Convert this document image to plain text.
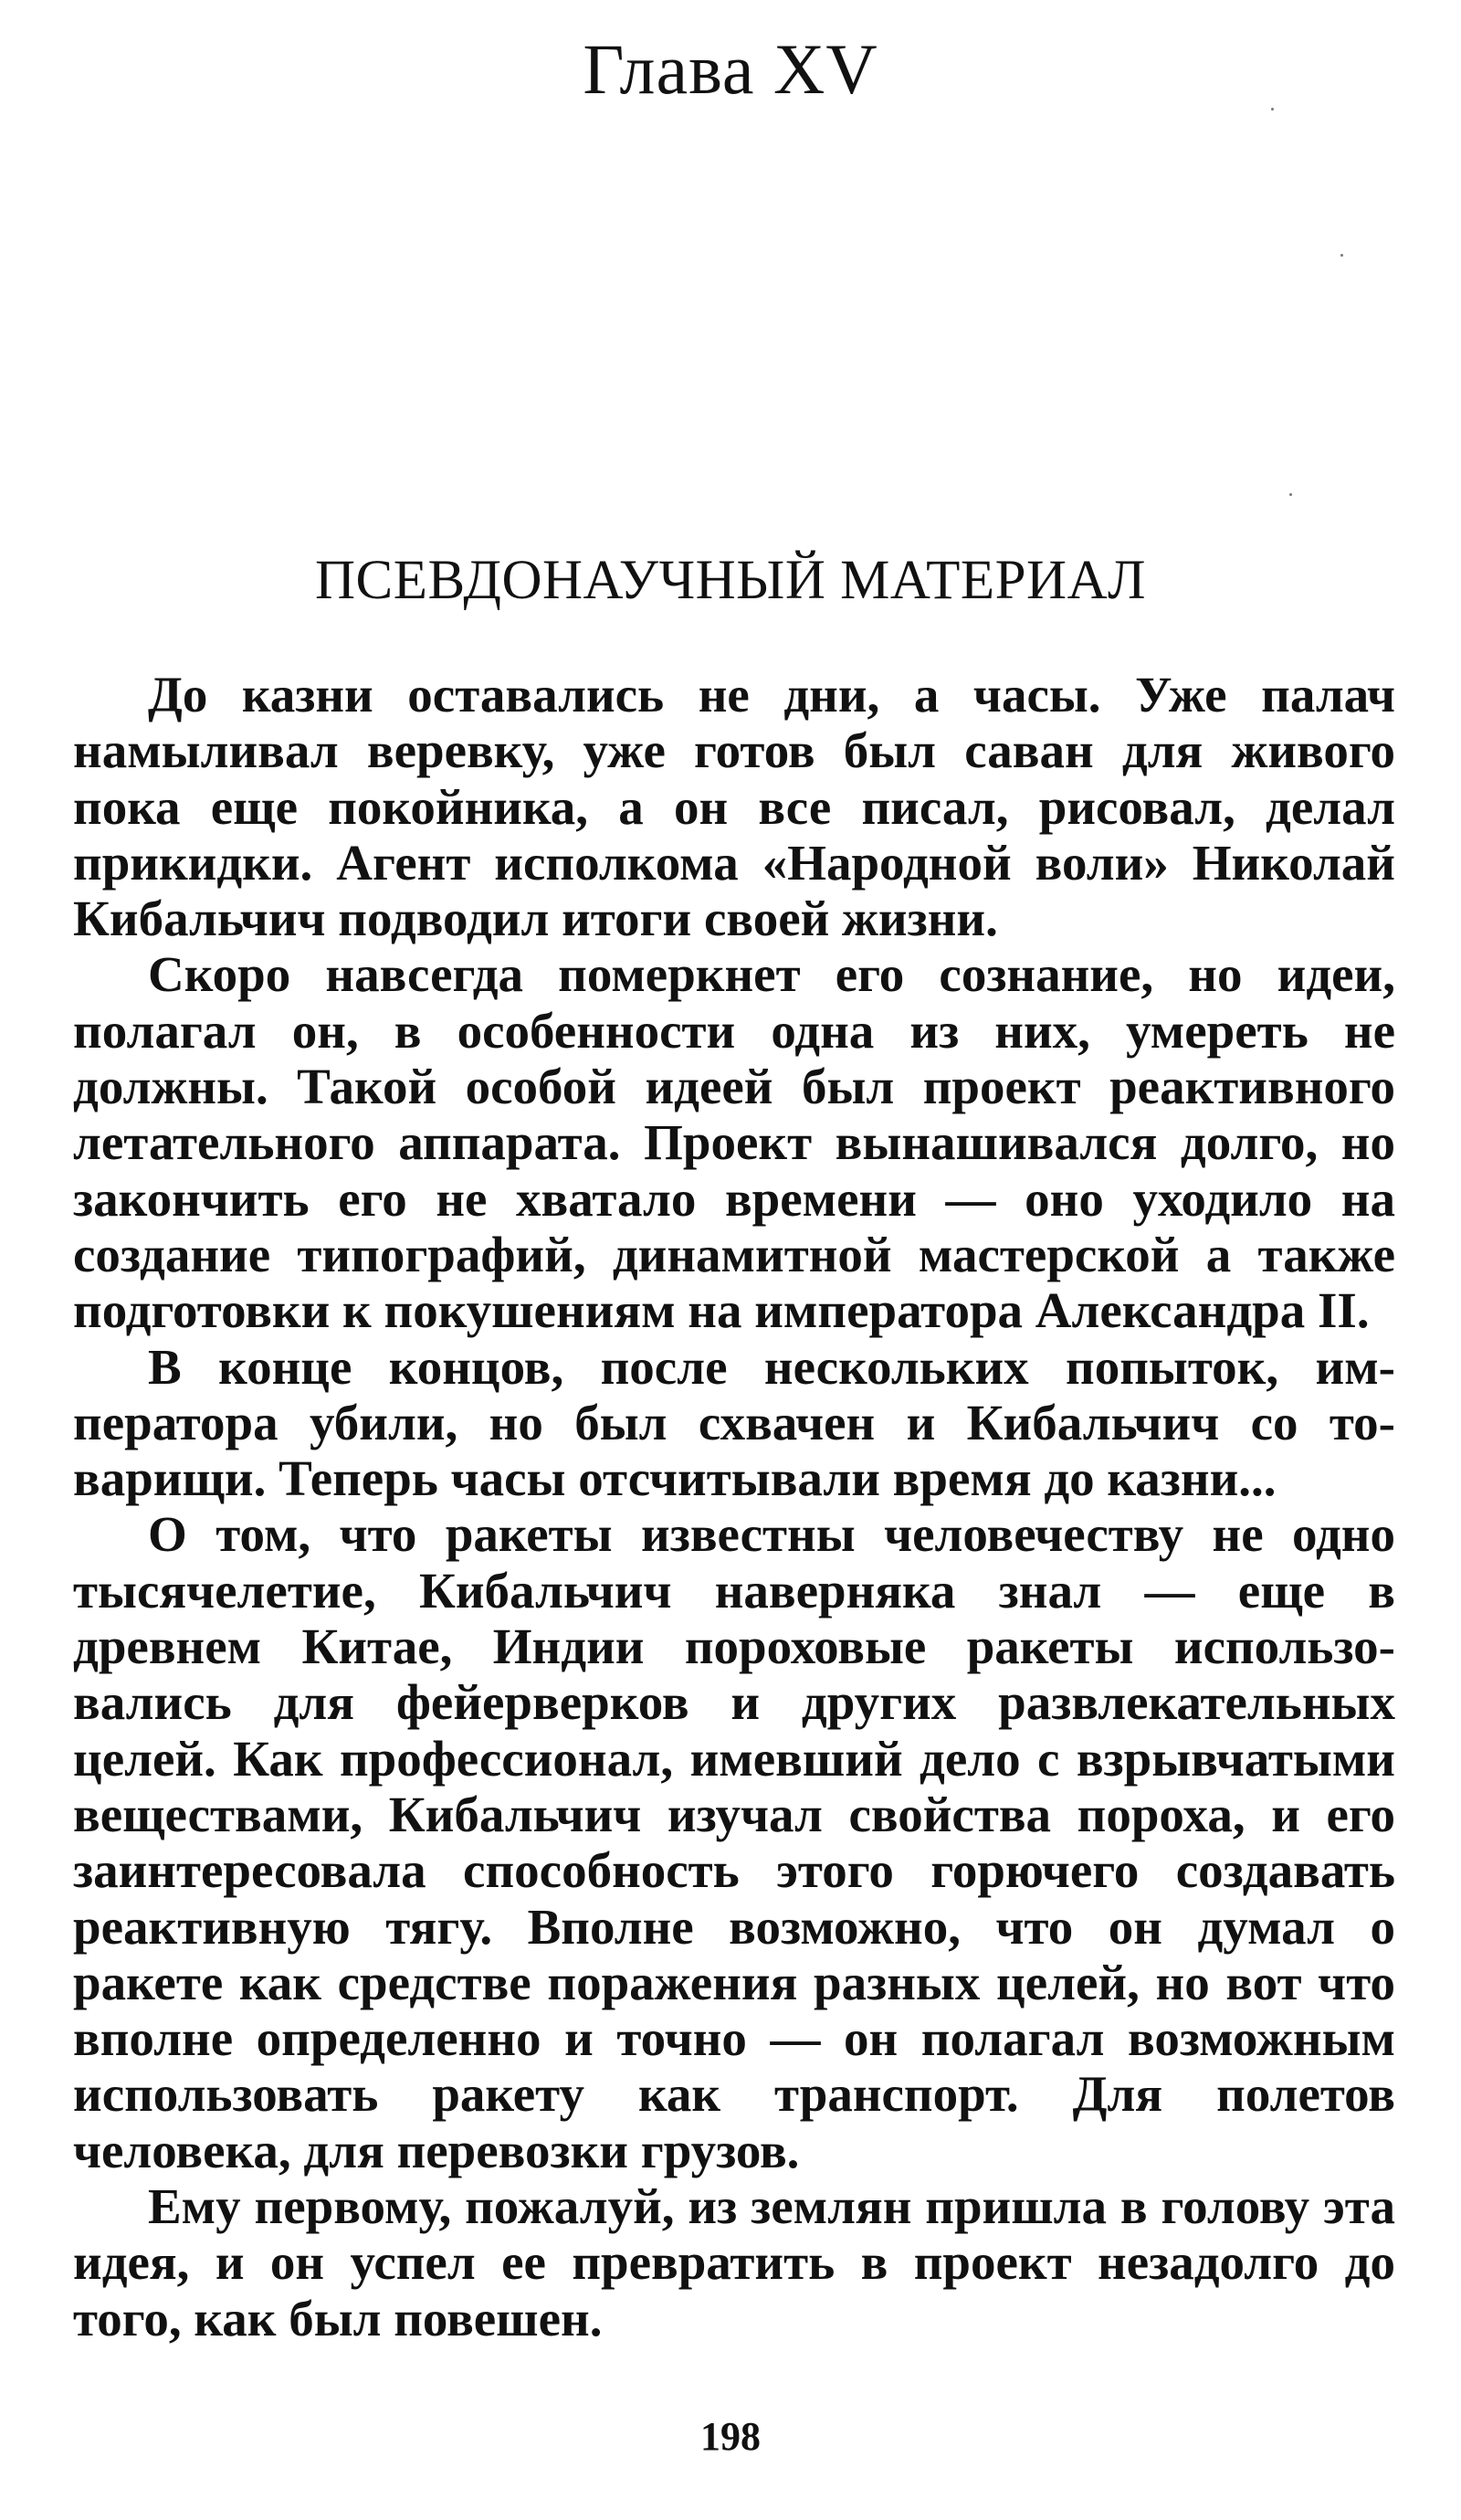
Глава XV
ПСЕВДОНАУЧНЫЙ МАТЕРИАЛ

До казни оставались не дни, а часы. Уже палач намыливал веревку, уже готов был саван для живого пока еще покойника, а он все писал, рисовал, делал прикидки. Агент исполкома «Народной воли» Николай Кибальчич подводил итоги своей жизни.

Скоро навсегда померкнет его сознание, но идеи, полагал он, в особенности одна из них, умереть не должны. Такой особой идеей был проект реактивного летательного аппарата. Проект вынашивался долго, но закончить его не хватало времени — оно уходило на создание типографий, динамитной мастерской а также подготовки к покушениям на императора Александра II.

В конце концов, после нескольких попыток, императора убили, но был схвачен и Кибальчич со товарищи. Теперь часы отсчитывали время до казни...

О том, что ракеты известны человечеству не одно тысячелетие, Кибальчич наверняка знал — еще в древнем Китае, Индии пороховые ракеты использовались для фейерверков и других развлекательных целей. Как профессионал, имевший дело с взрывчатыми веществами, Кибальчич изучал свойства пороха, и его заинтересовала способность этого горючего создавать реактивную тягу. Вполне возможно, что он думал о ракете как средстве поражения разных целей, но вот что вполне определенно и точно — он полагал возможным использовать ракету как транспорт. Для полетов человека, для перевозки грузов.

Ему первому, пожалуй, из землян пришла в голову эта идея, и он успел ее превратить в проект незадолго до того, как был повешен.

198
